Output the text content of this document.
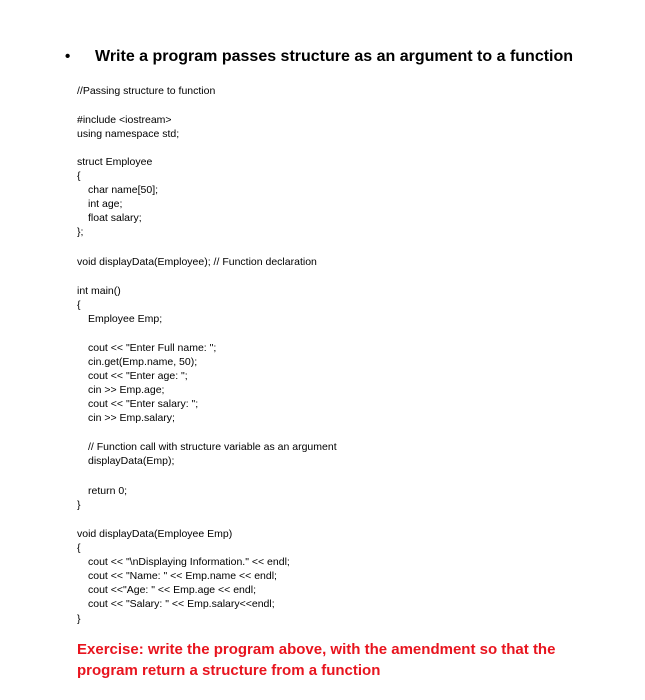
• Write a program passes structure as an argument to a function
//Passing structure to function
#include <iostream>
using namespace std;
struct Employee
{
char name[50];
int age;
float salary;
};
void displayData(Employee); // Function declaration
int main()
{
Employee Emp;
cout << "Enter Full name: ";
cin.get(Emp.name, 50);
cout << "Enter age: ";
cin >> Emp.age;
cout << "Enter salary: ";
cin >> Emp.salary;
// Function call with structure variable as an argument
displayData(Emp);
return 0;
}
void displayData(Employee Emp)
{
cout << "\nDisplaying Information." << endl;
cout << "Name: " << Emp.name << endl;
cout <<"Age: " << Emp.age << endl;
cout << "Salary: " << Emp.salary<<endl;
}
Exercise: write the program above, with the amendment so that the program return a structure from a function
